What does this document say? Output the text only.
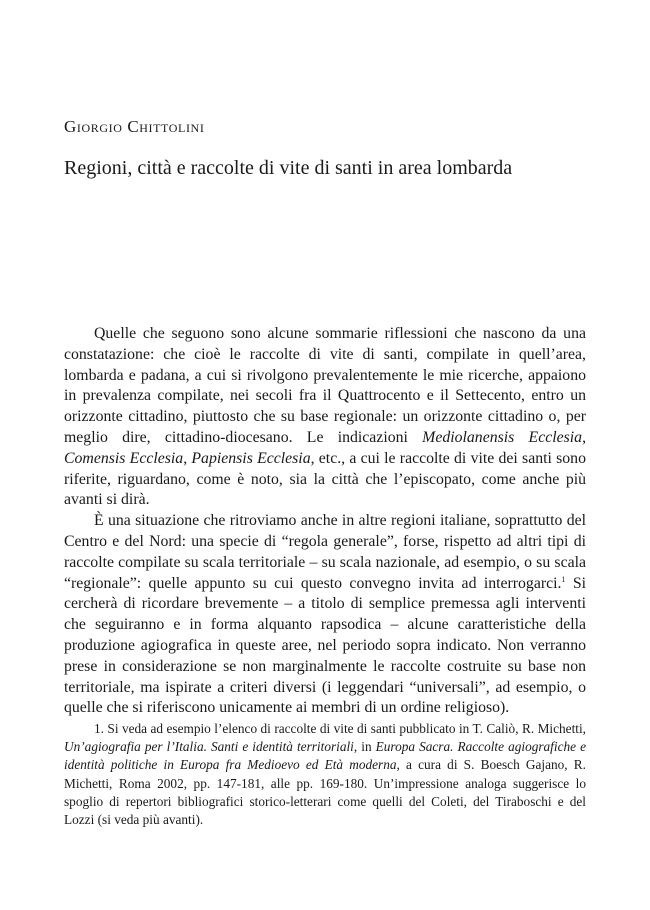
Giorgio Chittolini
Regioni, città e raccolte di vite di santi in area lombarda

Quelle che seguono sono alcune sommarie riflessioni che nascono da una constatazione: che cioè le raccolte di vite di santi, compilate in quell’area, lombarda e padana, a cui si rivolgono prevalentemente le mie ricerche, appaiono in prevalenza compilate, nei secoli fra il Quattrocento e il Settecento, entro un orizzonte cittadino, piuttosto che su base regionale: un orizzonte cittadino o, per meglio dire, cittadino-diocesano. Le indicazioni Mediolanensis Ecclesia, Comensis Ecclesia, Papiensis Ecclesia, etc., a cui le raccolte di vite dei santi sono riferite, riguardano, come è noto, sia la città che l’episcopato, come anche più avanti si dirà.

È una situazione che ritroviamo anche in altre regioni italiane, soprattutto del Centro e del Nord: una specie di “regola generale”, forse, rispetto ad altri tipi di raccolte compilate su scala territoriale – su scala nazionale, ad esempio, o su scala “regionale”: quelle appunto su cui questo convegno invita ad interrogarci.$^1$ Si cercherà di ricordare brevemente – a titolo di semplice premessa agli interventi che seguiranno e in forma alquanto rapsodica – alcune caratteristiche della produzione agiografica in queste aree, nel periodo sopra indicato. Non verranno prese in considerazione se non marginalmente le raccolte costruite su base non territoriale, ma ispirate a criteri diversi (i leggendari “universali”, ad esempio, o quelle che si riferiscono unicamente ai membri di un ordine religioso).

1. Si veda ad esempio l’elenco di raccolte di vite di santi pubblicato in T. Caliò, R. Michetti, Un’agiografia per l’Italia. Santi e identità territoriali, in Europa Sacra. Raccolte agiografiche e identità politiche in Europa fra Medioevo ed Età moderna, a cura di S. Boesch Gajano, R. Michetti, Roma 2002, pp. 147-181, alle pp. 169-180. Un’impressione analoga suggerisce lo spoglio di repertori bibliografici storico-letterari come quelli del Coleti, del Tiraboschi e del Lozzi (si veda più avanti).
